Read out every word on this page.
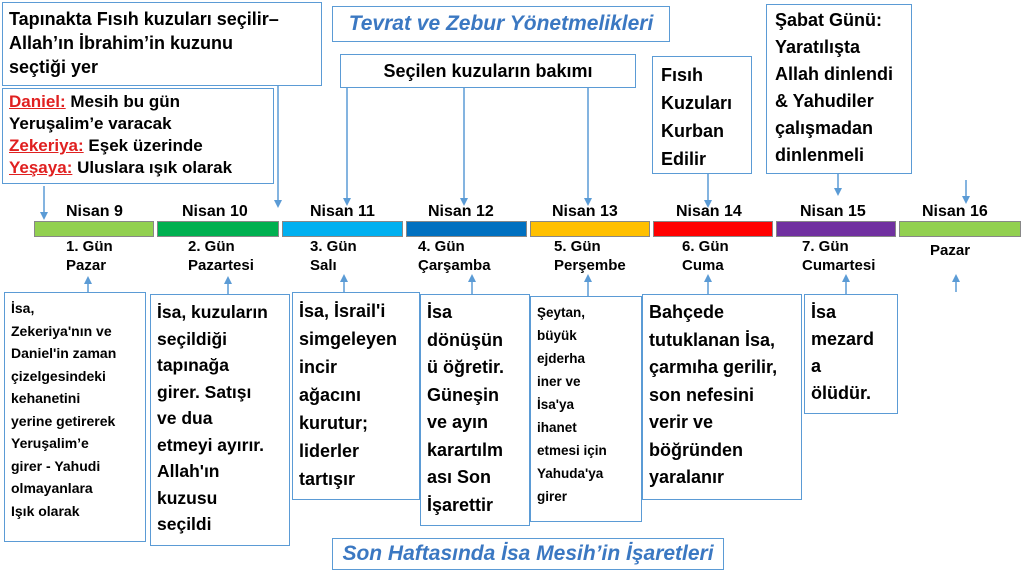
Tevrat ve Zebur Yönetmelikleri
Son Haftasında İsa Mesih’in İşaretleri
Tapınakta Fısıh kuzuları seçilir–
Allah’ın İbrahim’in kuzunu
seçtiği yer
Daniel: Mesih bu gün
Yeruşalim’e varacak
Zekeriya: Eşek üzerinde
Yeşaya: Uluslara ışık olarak
Seçilen kuzuların bakımı	Fısıh
Kuzuları
Kurban
Edilir
Şabat Günü:
Yaratılışta
Allah dinlendi
& Yahudiler
çalışmadan
dinlenmeli
Nisan 9	Nisan 10	Nisan 11	Nisan 12	Nisan 13	Nisan 14	Nisan 15	Nisan 16
1. Gün
Pazar
2. Gün
Pazartesi
3. Gün
Salı
4. Gün
Çarşamba
5. Gün
Perşembe
6. Gün
Cuma
7. Gün
Cumartesi
Pazar
İsa,
Zekeriya'nın ve
Daniel'in zaman
çizelgesindeki
kehanetini
yerine getirerek
Yeruşalim’e
girer - Yahudi
olmayanlara
Işık olarak
İsa, kuzuların
seçildiği
tapınağa
girer. Satışı
ve dua
etmeyi ayırır.
Allah'ın
kuzusu
seçildi
İsa, İsrail'i
simgeleyen
incir
ağacını
kurutur;
liderler
tartışır
İsa
dönüşün
ü öğretir.
Güneşin
ve ayın
karartılm
ası Son
İşarettir
Şeytan,
büyük
ejderha
iner ve
İsa'ya
ihanet
etmesi için
Yahuda'ya
girer
Bahçede
tutuklanan İsa,
çarmıha gerilir,
son nefesini
verir ve
böğründen
yaralanır
İsa
mezard
a
ölüdür.
